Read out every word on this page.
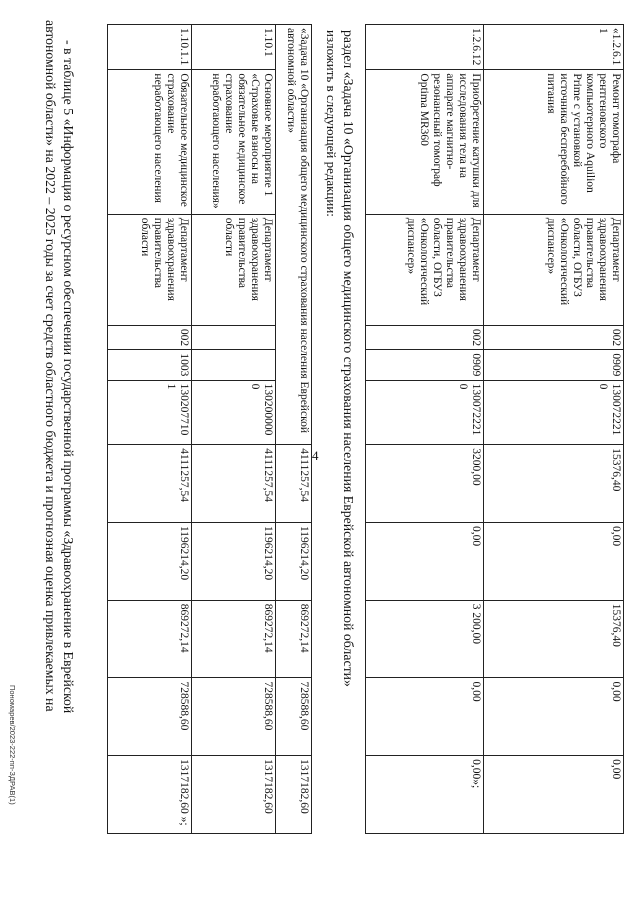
4
«1.2.6.1 1	Ремонт томографа рентгеновского компьютерного Aquilion Prime с установкой источника бесперебойного питания	Департамент здравоохранения правительства области, ОГБУЗ «Онкологический диспансер»	002	0909	130072221 0	15376,40	0,00	15376,40	0,00	0,00
1.2.6.12	Приобретение катушки для исследования тела на аппарате магнитно-резонансный томограф Optima MR360	Департамент здравоохранения правительства области, ОГБУЗ «Онкологический диспансер»	002	0909	130072221 0	3200,00	0,00	3 200,00	0,00	0,00»;
раздел «Задача 10 «Организация общего медицинского страхования населения Еврейской автономной области»
изложить в следующей редакции:
«Задача 10 «Организация общего медицинского страхования населения Еврейской автономной области»						4111257,54	1196214,20	869272,14	728588,60	1317182,60
1.10.1	Основное мероприятие 1 «Страховые взносы на обязательное медицинское страхование неработающего населения»	Департамент здравоохранения правительства области			130200000 0	4111257,54	1196214,20	869272,14	728588,60	1317182,60
1.10.1.1	Обязательное медицинское страхование неработающего населения	Департамент здравоохранения правительства области	002	1003	130207710 1	4111257,54	1196214,20	869272,14	728588,60	1317182,60 »;
- в таблице 5 «Информация о ресурсном обеспечении государственной программы «Здравоохранение в Еврейской
автономной области» на 2022 – 2025 годы за счет средств областного бюджета и прогнозная оценка привлекаемых на
Пономарев/2023-222-пп-ЗДРАВ(1)
